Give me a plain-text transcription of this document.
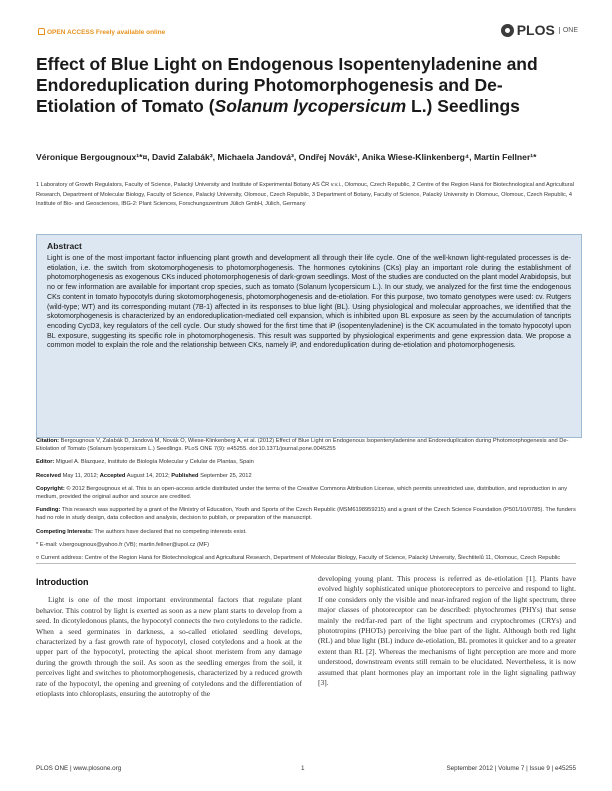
OPEN ACCESS Freely available online	PLOS	ONE
Effect of Blue Light on Endogenous Isopentenyladenine and Endoreduplication during Photomorphogenesis and De-Etiolation of Tomato (Solanum lycopersicum L.) Seedlings
Véronique Bergougnoux¹*¤, David Zalabák², Michaela Jandová³, Ondřej Novák¹, Anika Wiese-Klinkenberg⁴, Martin Fellner¹*
1 Laboratory of Growth Regulators, Faculty of Science, Palacký University and Institute of Experimental Botany AS ČR v.v.i., Olomouc, Czech Republic, 2 Centre of the Region Haná for Biotechnological and Agricultural Research, Department of Molecular Biology, Faculty of Science, Palacký University, Olomouc, Czech Republic, 3 Department of Botany, Faculty of Science, Palacký University in Olomouc, Olomouc, Czech Republic, 4 Institute of Bio- and Geosciences, IBG-2: Plant Sciences, Forschungszentrum Jülich GmbH, Jülich, Germany
Abstract

Light is one of the most important factor influencing plant growth and development all through their life cycle. One of the well-known light-regulated processes is de-etiolation, i.e. the switch from skotomorphogenesis to photomorphogenesis. The hormones cytokinins (CKs) play an important role during the establishment of photomorphogenesis as exogenous CKs induced photomorphogenesis of dark-grown seedlings. Most of the studies are conducted on the plant model Arabidopsis, but no or few information are available for important crop species, such as tomato (Solanum lycopersicum L.). In our study, we analyzed for the first time the endogenous CKs content in tomato hypocotyls during skotomorphogenesis, photomorphogenesis and de-etiolation. For this purpose, two tomato genotypes were used: cv. Rutgers (wild-type; WT) and its corresponding mutant (7B-1) affected in its responses to blue light (BL). Using physiological and molecular approaches, we identified that the skotomorphogenesis is characterized by an endoreduplication-mediated cell expansion, which is inhibited upon BL exposure as seen by the accumulation of tancripts encoding CycD3, key regulators of the cell cycle. Our study showed for the first time that iP (isopentenyladenine) is the CK accumulated in the tomato hypocotyl upon BL exposure, suggesting its specific role in photomorphogenesis. This result was supported by physiological experiments and gene expression data. We propose a common model to explain the role and the relationship between CKs, namely iP, and endoreduplication during de-etiolation and photomorphogenesis.

Citation: Bergougnoux V, Zalabák D, Jandová M, Novák O, Wiese-Klinkenberg A, et al. (2012) Effect of Blue Light on Endogenous Isopentenyladenine and Endoreduplication during Photomorphogenesis and De-Etiolation of Tomato (Solanum lycopersicum L.) Seedlings. PLoS ONE 7(9): e45255. doi:10.1371/journal.pone.0045255

Editor: Miguel A. Blazquez, Instituto de Biología Molecular y Celular de Plantas, Spain

Received May 11, 2012; Accepted August 14, 2012; Published September 25, 2012

Copyright: © 2012 Bergougnoux et al. This is an open-access article distributed under the terms of the Creative Commons Attribution License, which permits unrestricted use, distribution, and reproduction in any medium, provided the original author and source are credited.

Funding: This research was supported by a grant of the Ministry of Education, Youth and Sports of the Czech Republic (MSM6198959215) and a grant of the Czech Science Foundation (P501/10/0785). The funders had no role in study design, data collection and analysis, decision to publish, or preparation of the manuscript.

Competing Interests: The authors have declared that no competing interests exist.

* E-mail: v.bergougnoux@yahoo.fr (VB); martin.fellner@upol.cz (MF)

¤ Current address: Centre of the Region Haná for Biotechnological and Agricultural Research, Department of Molecular Biology, Faculty of Science, Palacký University, Šlechtitelů 11, Olomouc, Czech Republic

Introduction

Light is one of the most important environmental factors that regulate plant behavior. This control by light is exerted as soon as a new plant starts to develop from a seed. In dicotyledonous plants, the hypocotyl connects the two cotyledons to the radicle. When a seed germinates in darkness, a so-called etiolated seedling develops, characterized by a fast growth rate of hypocotyl, closed cotyledons and a hook at the upper part of the hypocotyl, protecting the apical shoot meristem from any damage during the growth through the soil. As soon as the seedling emerges from the soil, it perceives light and switches to photomorphogenesis, characterized by a reduced growth rate of the hypocotyl, the opening and greening of cotyledons and the differentiation of etioplasts into chloroplasts, ensuring the autotrophy of the

developing young plant. This process is referred as de-etiolation [1]. Plants have evolved highly sophisticated unique photoreceptors to perceive and respond to light. If one considers only the visible and near-infrared region of the light spectrum, three major classes of photoreceptor can be described: phytochromes (PHYs) that sense mainly the red/far-red part of the light spectrum and cryptochromes (CRYs) and phototropins (PHOTs) perceiving the blue part of the light. Although both red light (RL) and blue light (BL) induce de-etiolation, BL promotes it quicker and to a greater extent than RL [2]. Whereas the mechanisms of light perception are more and more understood, downstream events still remain to be elucidated. Nevertheless, it is now assumed that plant hormones play an important role in the light signaling pathway [3].

PLOS ONE | www.plosone.org	1	September 2012 | Volume 7 | Issue 9 | e45255
